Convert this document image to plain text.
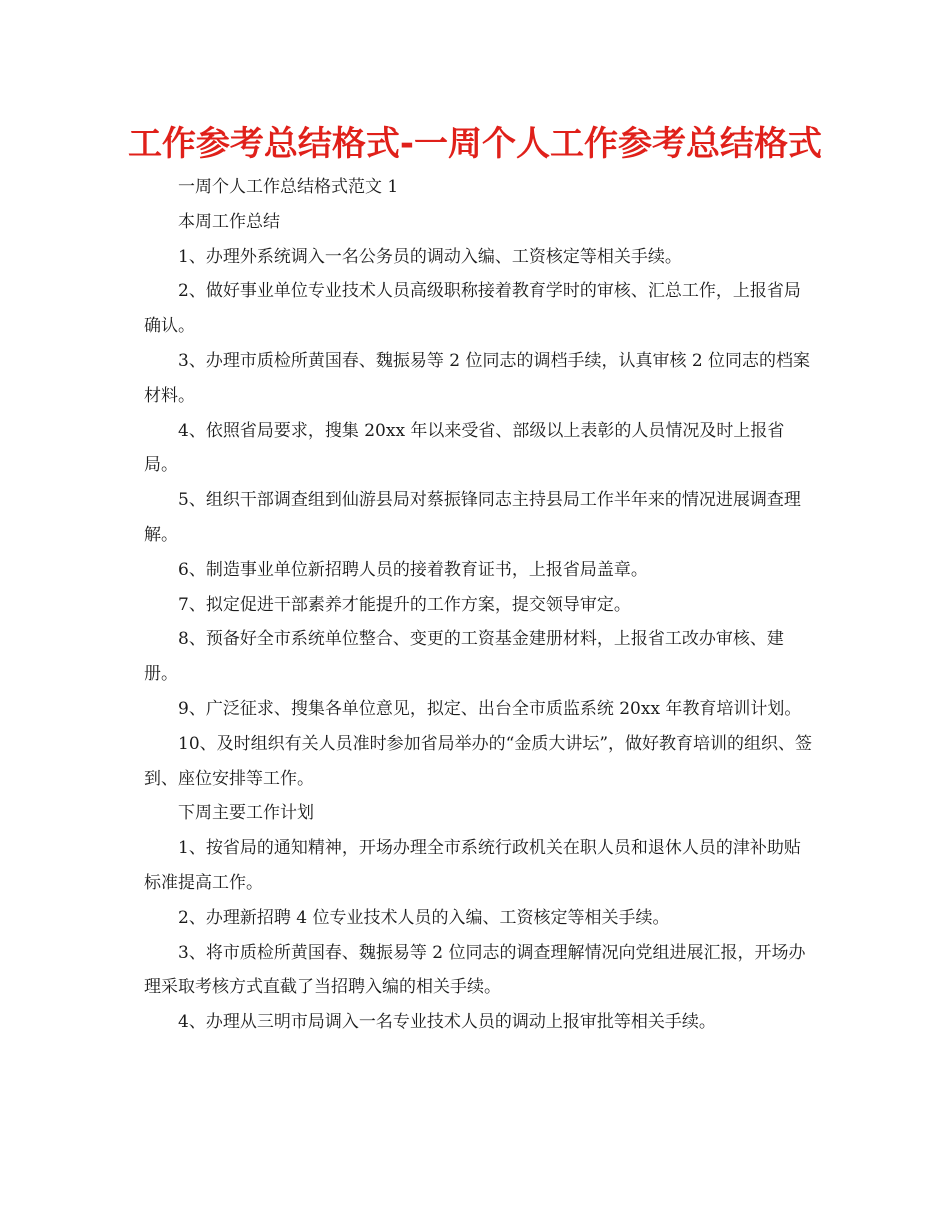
工作参考总结格式-一周个人工作参考总结格式

一周个人工作总结格式范文 1

本周工作总结

1、办理外系统调入一名公务员的调动入编、工资核定等相关手续。

2、做好事业单位专业技术人员高级职称接着教育学时的审核、汇总工作，上报省局确认。

3、办理市质检所黄国春、魏振易等 2 位同志的调档手续，认真审核 2 位同志的档案材料。

4、依照省局要求，搜集 20xx 年以来受省、部级以上表彰的人员情况及时上报省局。

5、组织干部调查组到仙游县局对蔡振锋同志主持县局工作半年来的情况进展调查理解。

6、制造事业单位新招聘人员的接着教育证书，上报省局盖章。

7、拟定促进干部素养才能提升的工作方案，提交领导审定。

8、预备好全市系统单位整合、变更的工资基金建册材料，上报省工改办审核、建册。

9、广泛征求、搜集各单位意见，拟定、出台全市质监系统 20xx 年教育培训计划。

10、及时组织有关人员准时参加省局举办的“金质大讲坛”，做好教育培训的组织、签到、座位安排等工作。

下周主要工作计划

1、按省局的通知精神，开场办理全市系统行政机关在职人员和退休人员的津补助贴标准提高工作。

2、办理新招聘 4 位专业技术人员的入编、工资核定等相关手续。

3、将市质检所黄国春、魏振易等 2 位同志的调查理解情况向党组进展汇报，开场办理采取考核方式直截了当招聘入编的相关手续。

4、办理从三明市局调入一名专业技术人员的调动上报审批等相关手续。
